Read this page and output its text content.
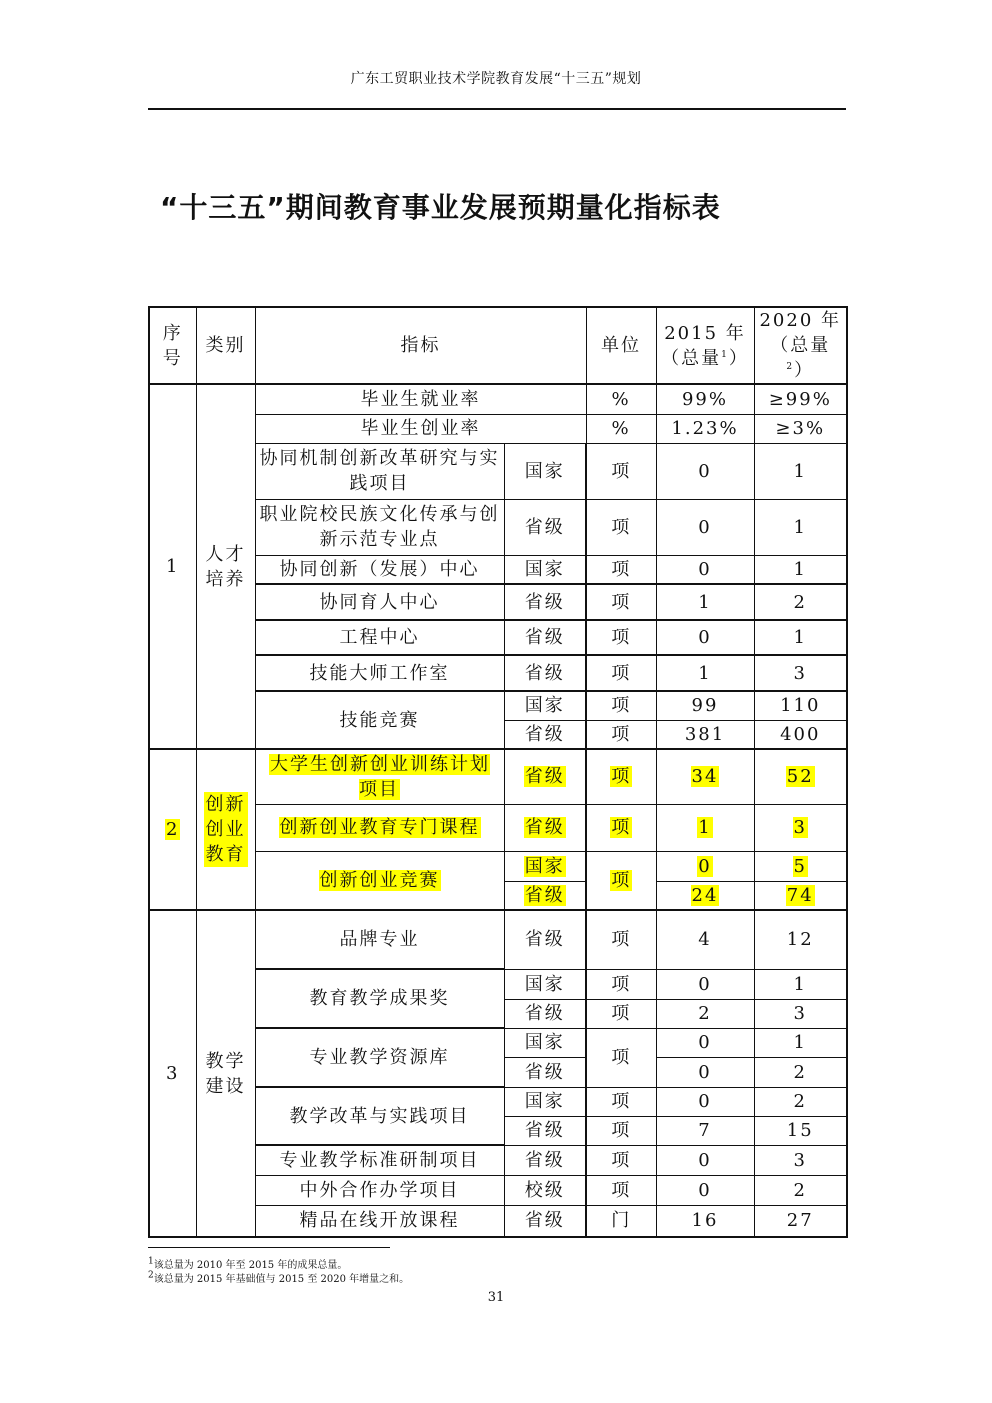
广东工贸职业技术学院教育发展“十三五”规划
“十三五”期间教育事业发展预期量化指标表
序号	类别	指标		单位	2015 年
（总量$^1$）	2020 年
（总量$^2$）
1	人才培养	毕业生就业率		%	99%	≥99%
		毕业生创业率		%	1.23%	≥3%
		协同机制创新改革研究与实践项目	国家	项	0	1
		职业院校民族文化传承与创新示范专业点	省级	项	0	1
		协同创新（发展）中心	国家	项	0	1
		协同育人中心	省级	项	1	2
		工程中心	省级	项	0	1
		技能大师工作室	省级	项	1	3
		技能竞赛	国家	项	99	110
			省级	项	381	400
2	创新创业教育	大学生创新创业训练计划项目	省级	项	34	52
		创新创业教育专门课程	省级	项	1	3
		创新创业竞赛	国家	项	0	5
			省级		24	74
3	教学建设	品牌专业	省级	项	4	12
		教育教学成果奖	国家	项	0	1
			省级	项	2	3
		专业教学资源库	国家	项	0	1
			省级		0	2
		教学改革与实践项目	国家	项	0	2
			省级	项	7	15
		专业教学标准研制项目	省级	项	0	3
		中外合作办学项目	校级	项	0	2
		精品在线开放课程	省级	门	16	27
1该总量为 2010 年至 2015 年的成果总量。
2该总量为 2015 年基础值与 2015 至 2020 年增量之和。
31
